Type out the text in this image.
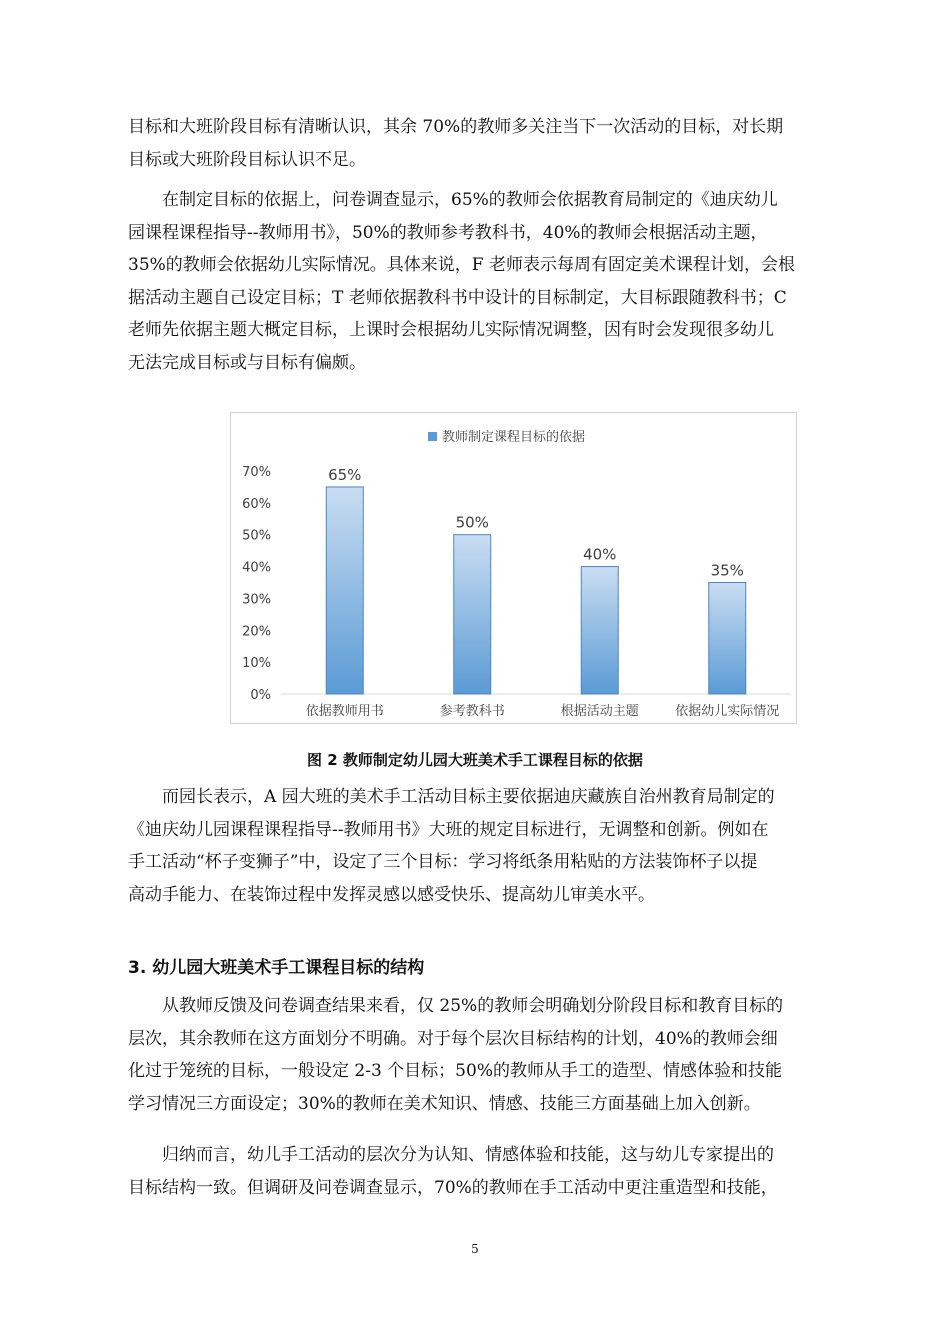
目标和大班阶段目标有清晰认识，其余 70%的教师多关注当下一次活动的目标，对长期
目标或大班阶段目标认识不足。

在制定目标的依据上，问卷调查显示，65%的教师会依据教育局制定的《迪庆幼儿
园课程课程指导--教师用书》，50%的教师参考教科书，40%的教师会根据活动主题，
35%的教师会依据幼儿实际情况。具体来说，F 老师表示每周有固定美术课程计划，会根
据活动主题自己设定目标；T 老师依据教科书中设计的目标制定，大目标跟随教科书；C
老师先依据主题大概定目标，上课时会根据幼儿实际情况调整，因有时会发现很多幼儿
无法完成目标或与目标有偏颇。

教师制定课程目标的依据
0%
10%
20%
30%
40%
50%
60%
70%	65%
依据教师用书
50%
参考教科书
40%
根据活动主题
35%
依据幼儿实际情况

图 2 教师制定幼儿园大班美术手工课程目标的依据

而园长表示，A 园大班的美术手工活动目标主要依据迪庆藏族自治州教育局制定的
《迪庆幼儿园课程课程指导--教师用书》大班的规定目标进行，无调整和创新。例如在
手工活动“杯子变狮子”中，设定了三个目标：学习将纸条用粘贴的方法装饰杯子以提
高动手能力、在装饰过程中发挥灵感以感受快乐、提高幼儿审美水平。

3. 幼儿园大班美术手工课程目标的结构

从教师反馈及问卷调查结果来看，仅 25%的教师会明确划分阶段目标和教育目标的
层次，其余教师在这方面划分不明确。对于每个层次目标结构的计划，40%的教师会细
化过于笼统的目标，一般设定 2-3 个目标；50%的教师从手工的造型、情感体验和技能
学习情况三方面设定；30%的教师在美术知识、情感、技能三方面基础上加入创新。

归纳而言，幼儿手工活动的层次分为认知、情感体验和技能，这与幼儿专家提出的
目标结构一致。但调研及问卷调查显示，70%的教师在手工活动中更注重造型和技能，

5
